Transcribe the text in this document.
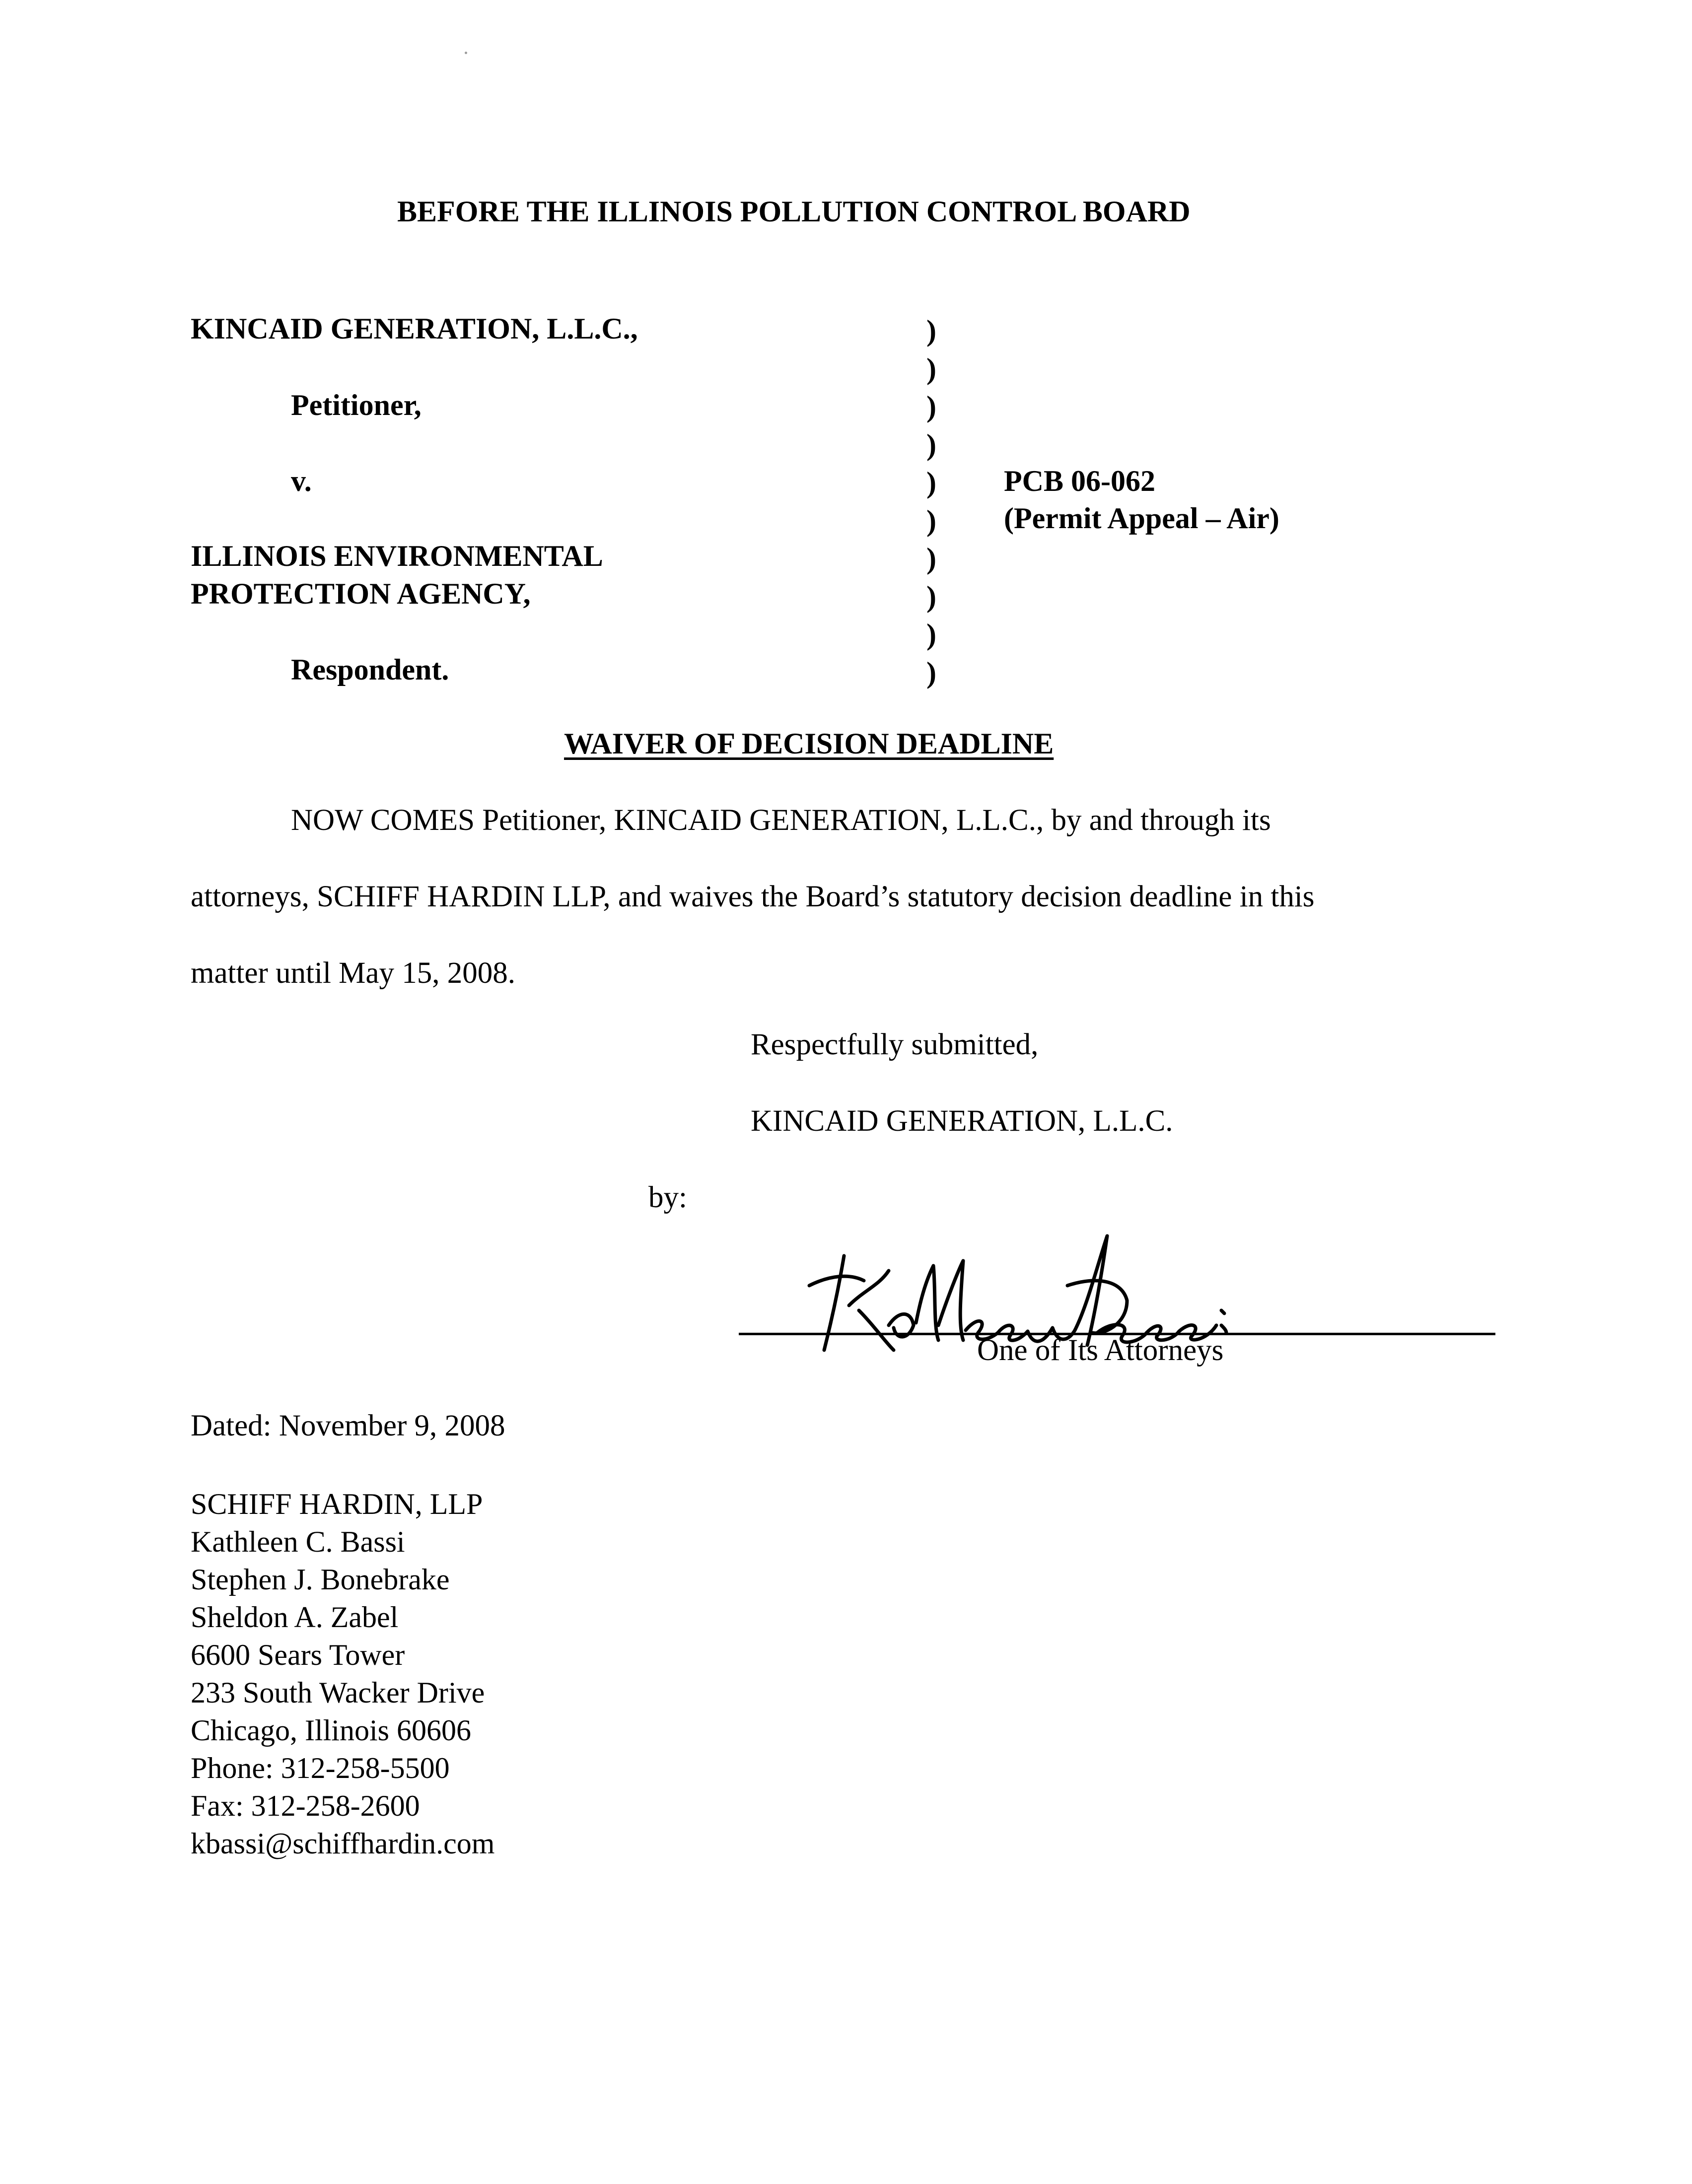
BEFORE THE ILLINOIS POLLUTION CONTROL BOARD
KINCAID GENERATION, L.L.C.,
Petitioner,
v.
ILLINOIS ENVIRONMENTAL
PROTECTION AGENCY,
Respondent.
)
)
)
)
)
)
)
)
)
)
PCB 06-062
(Permit Appeal – Air)
WAIVER OF DECISION DEADLINE
NOW COMES Petitioner, KINCAID GENERATION, L.L.C., by and through its
attorneys, SCHIFF HARDIN LLP, and waives the Board’s statutory decision deadline in this
matter until May 15, 2008.
Respectfully submitted,
KINCAID GENERATION, L.L.C.
by:
One of Its Attorneys
Dated: November 9, 2008
SCHIFF HARDIN, LLP
Kathleen C. Bassi
Stephen J. Bonebrake
Sheldon A. Zabel
6600 Sears Tower
233 South Wacker Drive
Chicago, Illinois 60606
Phone: 312-258-5500
Fax: 312-258-2600
kbassi@schiffhardin.com
